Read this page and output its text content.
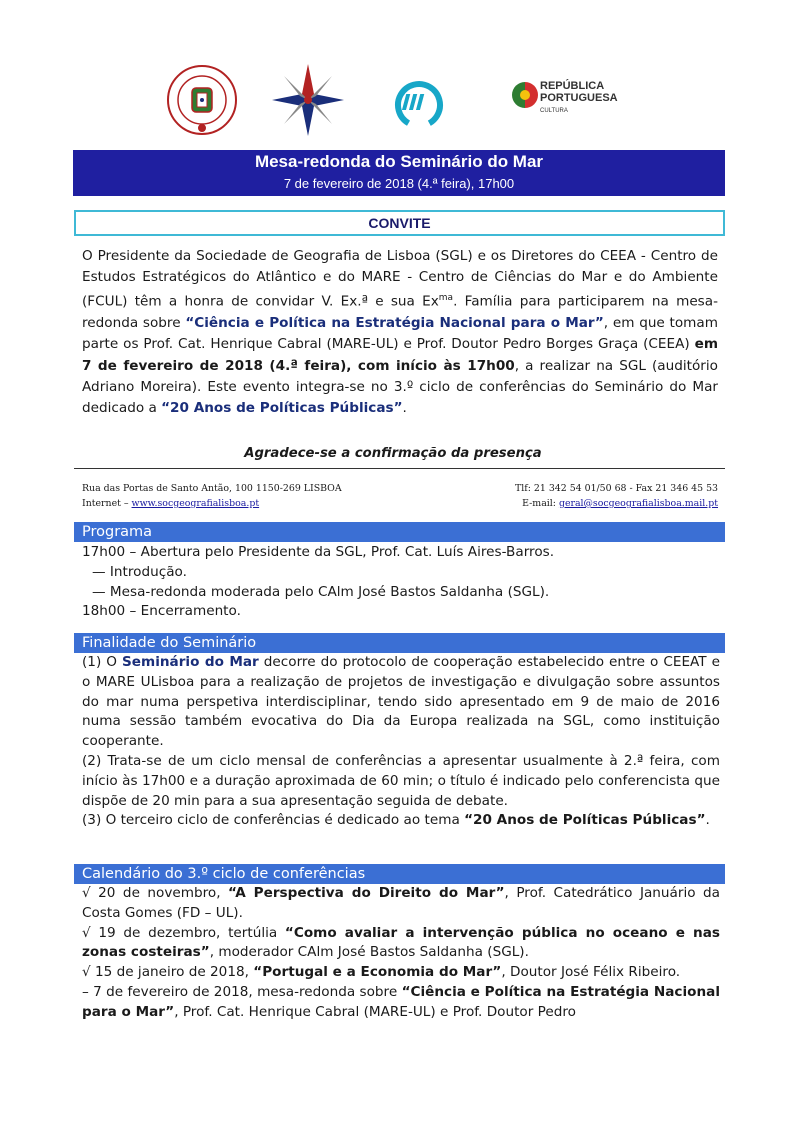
REPÚBLICA
PORTUGUESA
CULTURA
Mesa-redonda do Seminário do Mar
7 de fevereiro de 2018 (4.ª feira), 17h00
CONVITE
O Presidente da Sociedade de Geografia de Lisboa (SGL) e os Diretores do CEEA - Centro de Estudos Estratégicos do Atlântico e do MARE - Centro de Ciências do Mar e do Ambiente (FCUL) têm a honra de convidar V. Ex.ª e sua $Ex^{ma}$. Família para participarem na mesa-redonda sobre “Ciência e Política na Estratégia Nacional para o Mar”, em que tomam parte os Prof. Cat. Henrique Cabral (MARE-UL) e Prof. Doutor Pedro Borges Graça (CEEA) em 7 de fevereiro de 2018 (4.ª feira), com início às 17h00, a realizar na SGL (auditório Adriano Moreira). Este evento integra-se no 3.º ciclo de conferências do Seminário do Mar dedicado a “20 Anos de Políticas Públicas”.
Agradece-se a confirmação da presença
Rua das Portas de Santo Antão, 100 1150-269 LISBOA
Internet – www.socgeografialisboa.pt
Tlf: 21 342 54 01/50 68 - Fax 21 346 45 53
E-mail: geral@socgeografialisboa.mail.pt
Programa
17h00 – Abertura pelo Presidente da SGL, Prof. Cat. Luís Aires-Barros.
— Introdução.
— Mesa-redonda moderada pelo CAlm José Bastos Saldanha (SGL).
18h00 – Encerramento.
Finalidade do Seminário
(1) O Seminário do Mar decorre do protocolo de cooperação estabelecido entre o CEEAT e o MARE ULisboa para a realização de projetos de investigação e divulgação sobre assuntos do mar numa perspetiva interdisciplinar, tendo sido apresentado em 9 de maio de 2016 numa sessão também evocativa do Dia da Europa realizada na SGL, como instituição cooperante.
(2) Trata-se de um ciclo mensal de conferências a apresentar usualmente à 2.ª feira, com início às 17h00 e a duração aproximada de 60 min; o título é indicado pelo conferencista que dispõe de 20 min para a sua apresentação seguida de debate.
(3) O terceiro ciclo de conferências é dedicado ao tema “20 Anos de Políticas Públicas”.
Calendário do 3.º ciclo de conferências
√ 20 de novembro, “A Perspectiva do Direito do Mar”, Prof. Catedrático Januário da Costa Gomes (FD – UL).
√ 19 de dezembro, tertúlia “Como avaliar a intervenção pública no oceano e nas zonas costeiras”, moderador CAlm José Bastos Saldanha (SGL).
√ 15 de janeiro de 2018, “Portugal e a Economia do Mar”, Doutor José Félix Ribeiro.
– 7 de fevereiro de 2018, mesa-redonda sobre “Ciência e Política na Estratégia Nacional para o Mar”, Prof. Cat. Henrique Cabral (MARE-UL) e Prof. Doutor Pedro
